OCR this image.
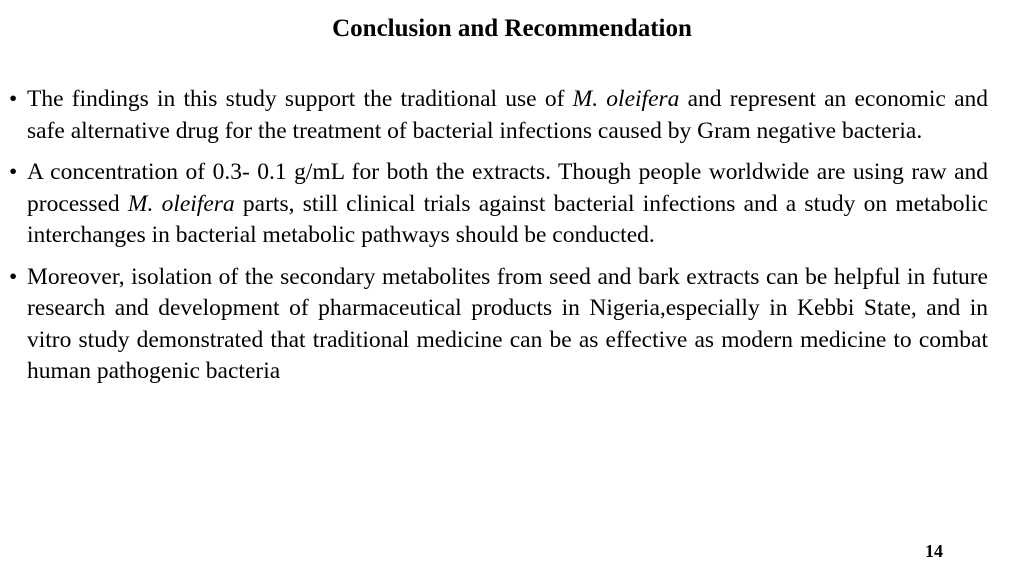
Conclusion and Recommendation
• The findings in this study support the traditional use of M. oleifera and represent an economic and safe alternative drug for the treatment of bacterial infections caused by Gram negative bacteria.
• A concentration of 0.3- 0.1 g/mL for both the extracts. Though people worldwide are using raw and processed M. oleifera parts, still clinical trials against bacterial infections and a study on metabolic interchanges in bacterial metabolic pathways should be conducted.
• Moreover, isolation of the secondary metabolites from seed and bark extracts can be helpful in future research and development of pharmaceutical products in Nigeria,especially in Kebbi State, and in vitro study demonstrated that traditional medicine can be as effective as modern medicine to combat human pathogenic bacteria
14
